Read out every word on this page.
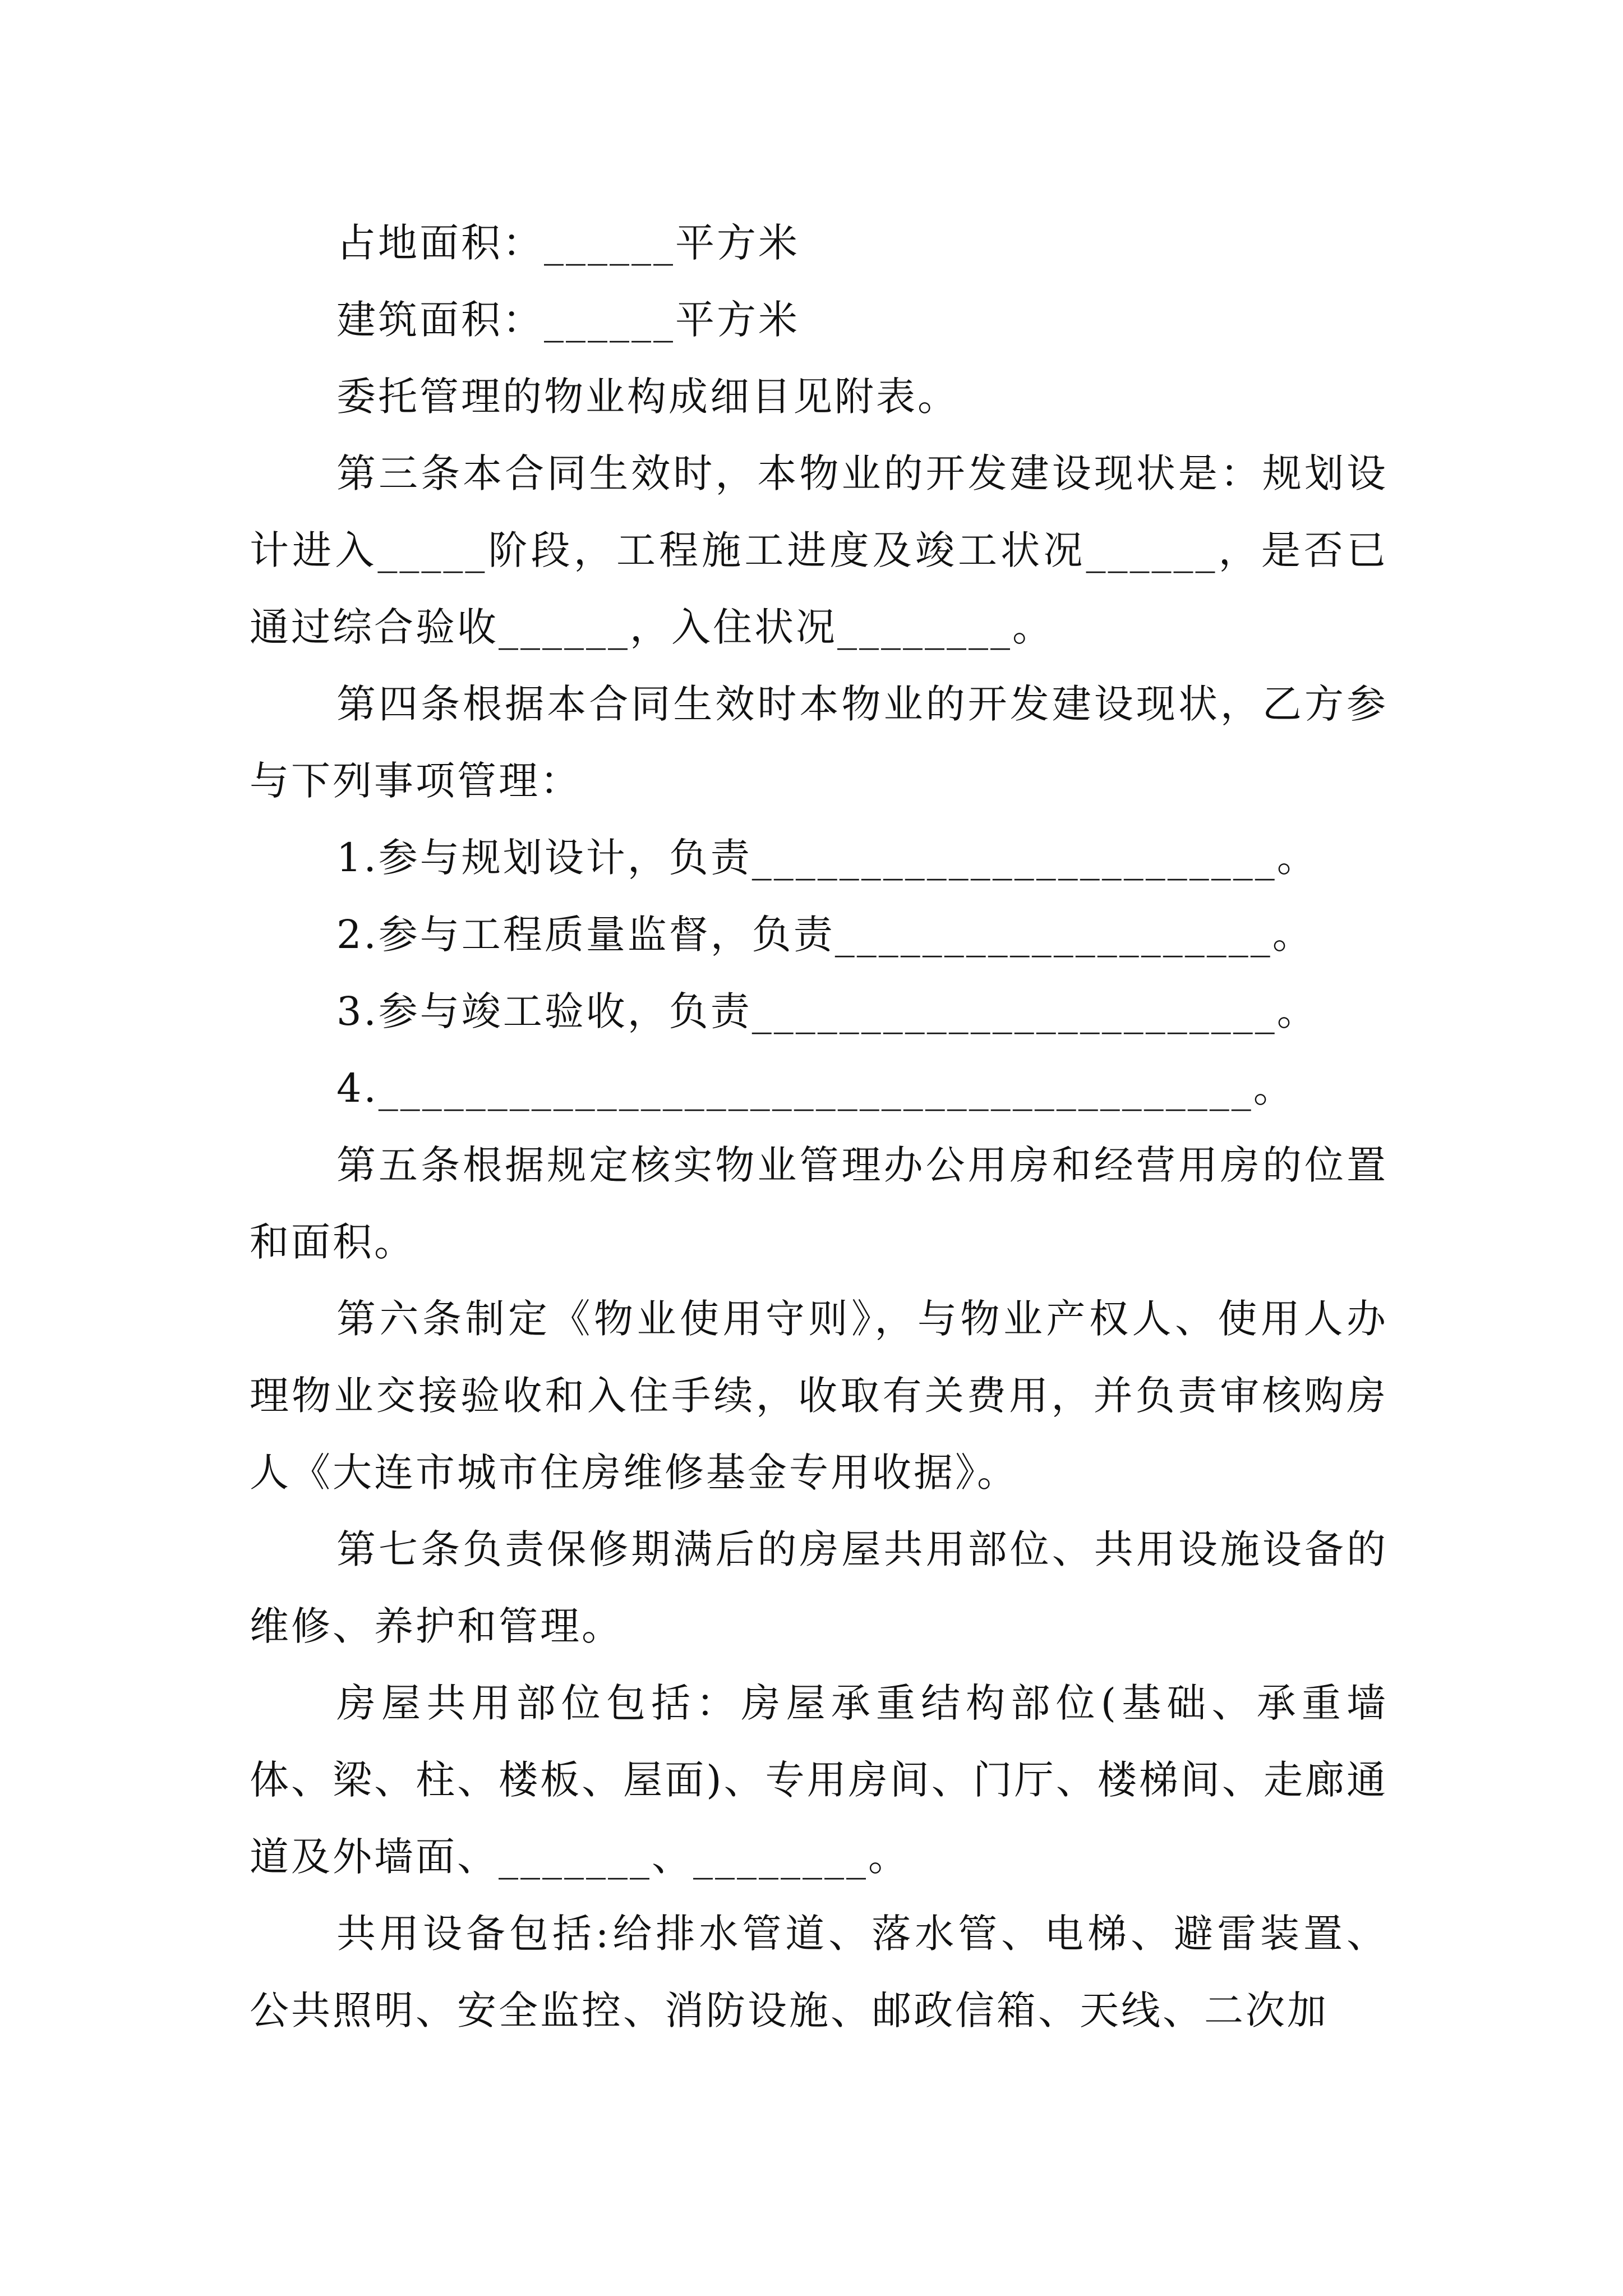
占地面积：______平方米

建筑面积：______平方米

委托管理的物业构成细目见附表。

第三条本合同生效时，本物业的开发建设现状是：规划设计进入_____阶段，工程施工进度及竣工状况______，是否已通过综合验收______，入住状况________。

第四条根据本合同生效时本物业的开发建设现状，乙方参与下列事项管理：

1.参与规划设计，负责________________________。

2.参与工程质量监督，负责____________________。

3.参与竣工验收，负责________________________。

4.________________________________________。

第五条根据规定核实物业管理办公用房和经营用房的位置和面积。

第六条制定《物业使用守则》，与物业产权人、使用人办理物业交接验收和入住手续，收取有关费用，并负责审核购房人《大连市城市住房维修基金专用收据》。

第七条负责保修期满后的房屋共用部位、共用设施设备的维修、养护和管理。

房屋共用部位包括：房屋承重结构部位(基础、承重墙体、梁、柱、楼板、屋面)、专用房间、门厅、楼梯间、走廊通道及外墙面、_______、________。

共用设备包括:给排水管道、落水管、电梯、避雷装置、公共照明、安全监控、消防设施、邮政信箱、天线、二次加
